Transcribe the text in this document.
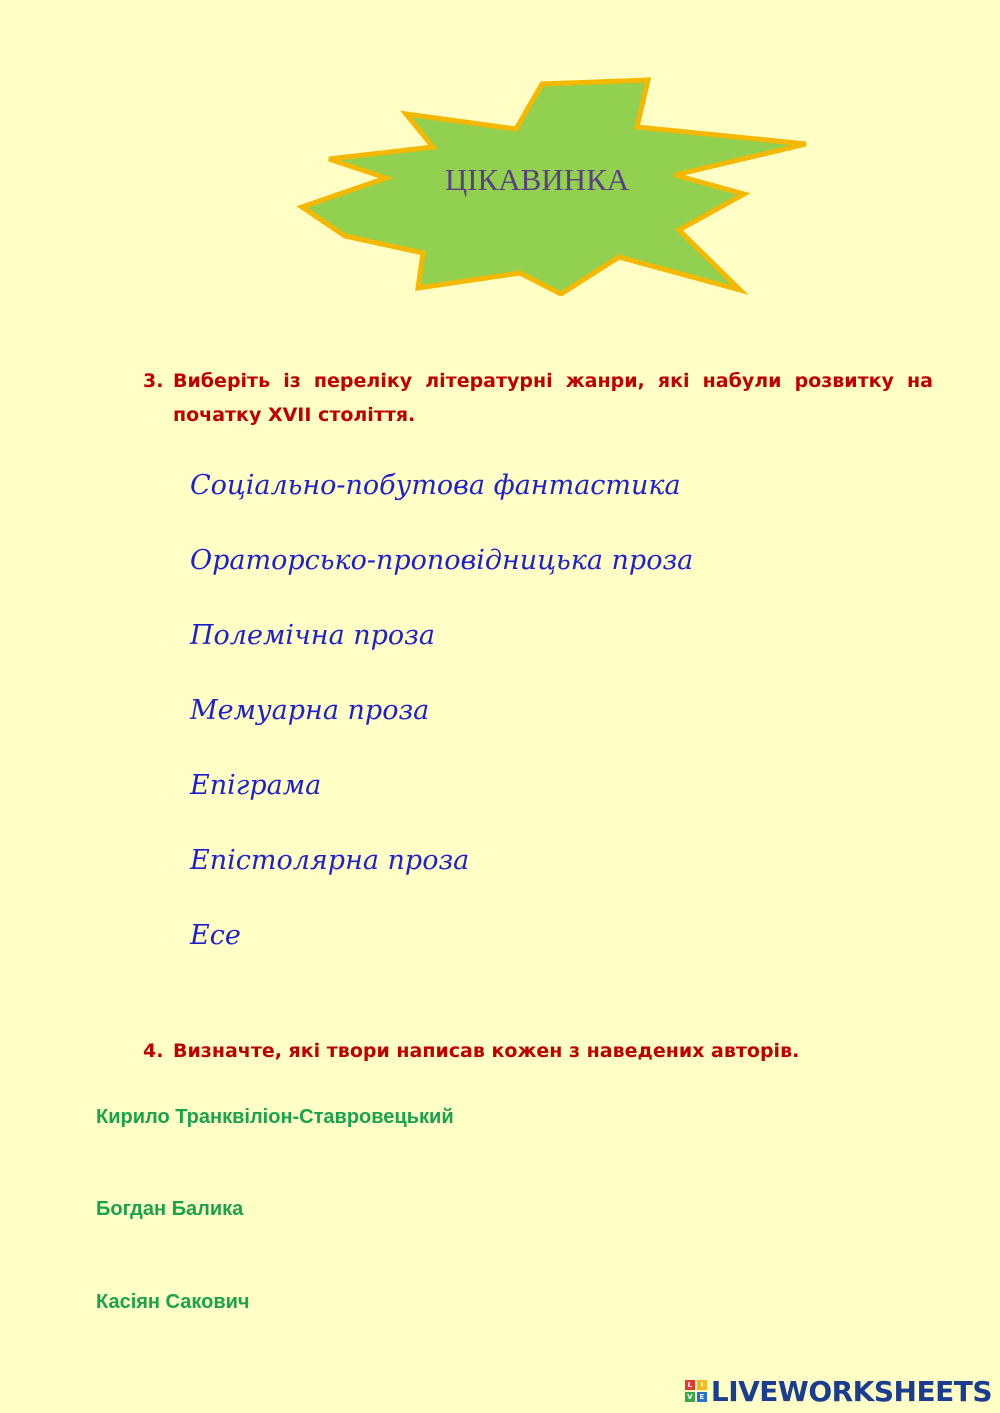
ЦІКАВИНКА
3. Виберіть із переліку літературні жанри, які набули розвитку на початку XVII століття.
Соціально-побутова фантастика
Ораторсько-проповідницька проза
Полемічна проза
Мемуарна проза
Епіграма
Епістолярна проза
Есе
4. Визначте, які твори написав кожен з наведених авторів.
Кирило Транквіліон-Ставровецький
Богдан Балика
Касіян Сакович
L	I
V E LIVEWORKSHEETS
